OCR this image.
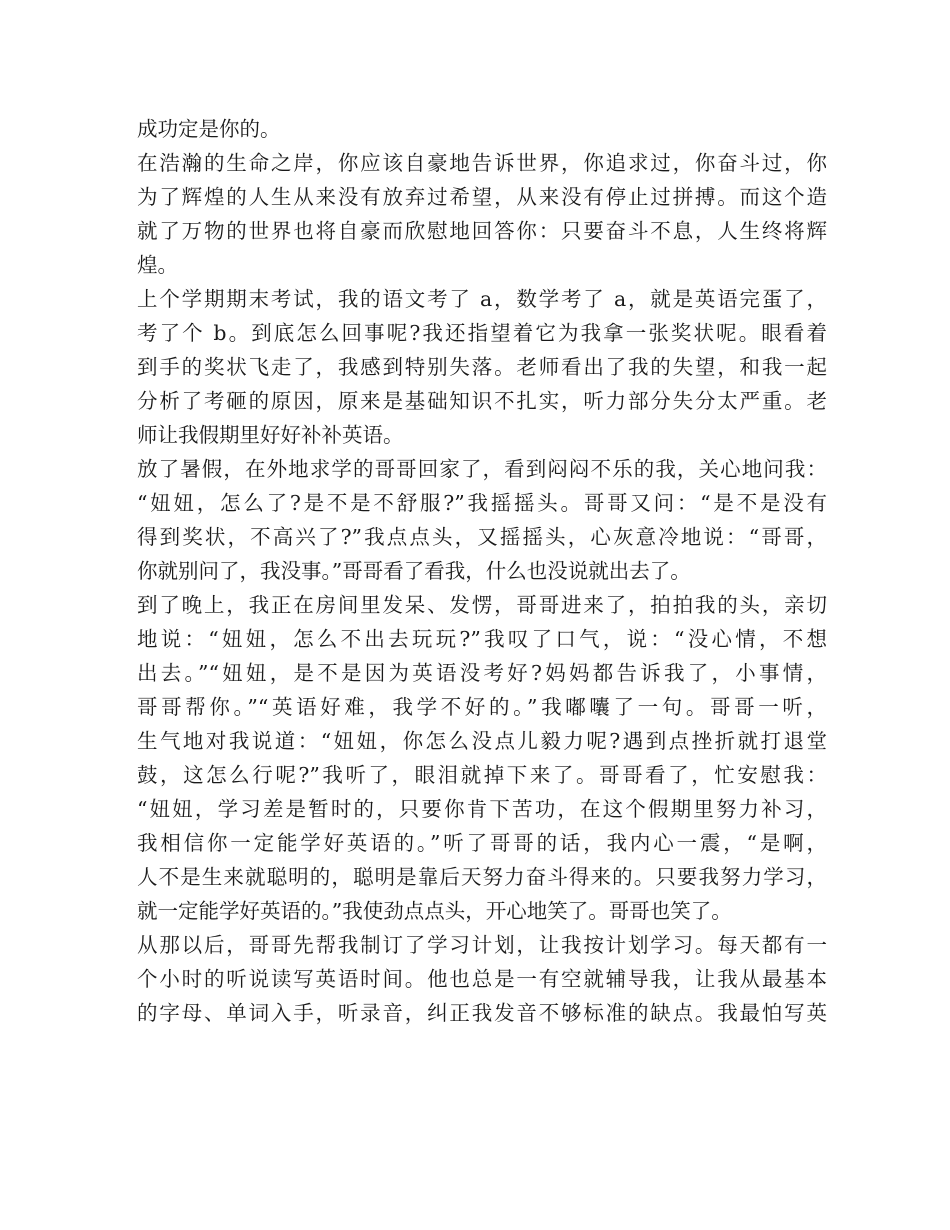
成功定是你的。
在浩瀚的生命之岸，你应该自豪地告诉世界，你追求过，你奋斗过，你
为了辉煌的人生从来没有放弃过希望，从来没有停止过拼搏。而这个造
就了万物的世界也将自豪而欣慰地回答你：只要奋斗不息，人生终将辉
煌。
上个学期期末考试，我的语文考了 a，数学考了 a，就是英语完蛋了，
考了个 b。到底怎么回事呢?我还指望着它为我拿一张奖状呢。眼看着
到手的奖状飞走了，我感到特别失落。老师看出了我的失望，和我一起
分析了考砸的原因，原来是基础知识不扎实，听力部分失分太严重。老
师让我假期里好好补补英语。
放了暑假，在外地求学的哥哥回家了，看到闷闷不乐的我，关心地问我：
“妞妞，怎么了?是不是不舒服?”我摇摇头。哥哥又问：“是不是没有
得到奖状，不高兴了?”我点点头，又摇摇头，心灰意冷地说：“哥哥，
你就别问了，我没事。”哥哥看了看我，什么也没说就出去了。
到了晚上，我正在房间里发呆、发愣，哥哥进来了，拍拍我的头，亲切
地说：“妞妞，怎么不出去玩玩?”我叹了口气，说：“没心情，不想
出去。”“妞妞，是不是因为英语没考好?妈妈都告诉我了，小事情，
哥哥帮你。”“英语好难，我学不好的。”我嘟囔了一句。哥哥一听，
生气地对我说道：“妞妞，你怎么没点儿毅力呢?遇到点挫折就打退堂
鼓，这怎么行呢?”我听了，眼泪就掉下来了。哥哥看了，忙安慰我：
“妞妞，学习差是暂时的，只要你肯下苦功，在这个假期里努力补习，
我相信你一定能学好英语的。”听了哥哥的话，我内心一震，“是啊，
人不是生来就聪明的，聪明是靠后天努力奋斗得来的。只要我努力学习，
就一定能学好英语的。”我使劲点点头，开心地笑了。哥哥也笑了。
从那以后，哥哥先帮我制订了学习计划，让我按计划学习。每天都有一
个小时的听说读写英语时间。他也总是一有空就辅导我，让我从最基本
的字母、单词入手，听录音，纠正我发音不够标准的缺点。我最怕写英
